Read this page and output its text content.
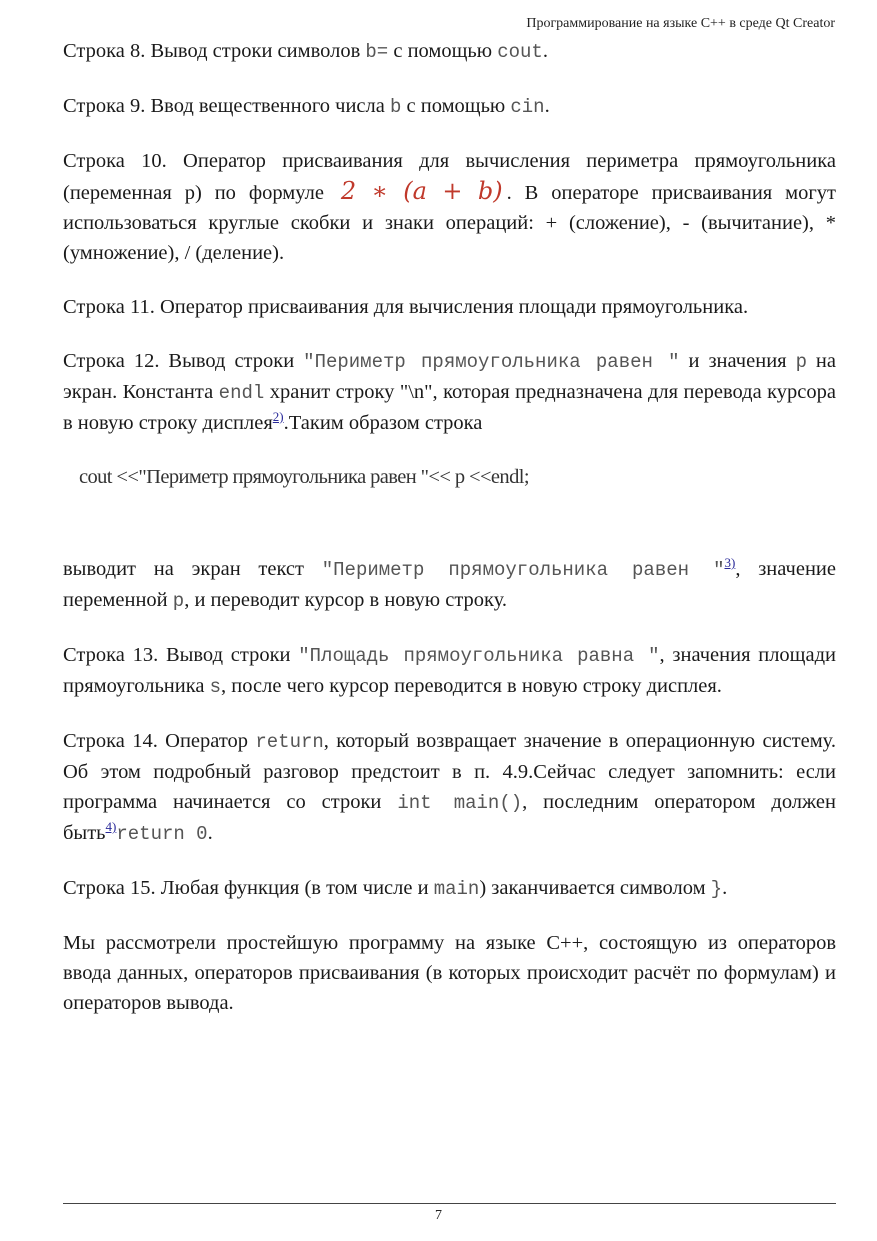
Программирование на языке C++ в среде Qt Creator

Строка 8. Вывод строки символов b= с помощью cout.

Строка 9. Ввод вещественного числа b с помощью cin.

Строка 10. Оператор присваивания для вычисления периметра прямоугольника (переменная p) по формуле 2 ∗ (a + b) . В операторе присваивания могут использоваться круглые скобки и знаки операций: + (сложение), - (вычитание), * (умножение), / (деление).

Строка 11. Оператор присваивания для вычисления площади прямоугольника.

Строка 12. Вывод строки "Периметр прямоугольника равен " и значения p на экран. Константа endl хранит строку "\n", которая предназначена для перевода курсора в новую строку дисплея$^{2)}$.Таким образом строка

cout <<"Периметр прямоугольника равен "<< p <<endl;

выводит на экран текст "Периметр прямоугольника равен "$^{3)}$, значение переменной p, и переводит курсор в новую строку.

Строка 13. Вывод строки "Площадь прямоугольника равна ", значения площади прямоугольника s, после чего курсор переводится в новую строку дисплея.

Строка 14. Оператор return, который возвращает значение в операционную систему. Об этом подробный разговор предстоит в п. 4.9.Сейчас следует запомнить: если программа начинается со строки int main(), последним оператором должен быть$^{4)}$return 0.

Строка 15. Любая функция (в том числе и main) заканчивается символом }.

Мы рассмотрели простейшую программу на языке С++, состоящую из операторов ввода данных, операторов присваивания (в которых происходит расчёт по формулам) и операторов вывода.

7
